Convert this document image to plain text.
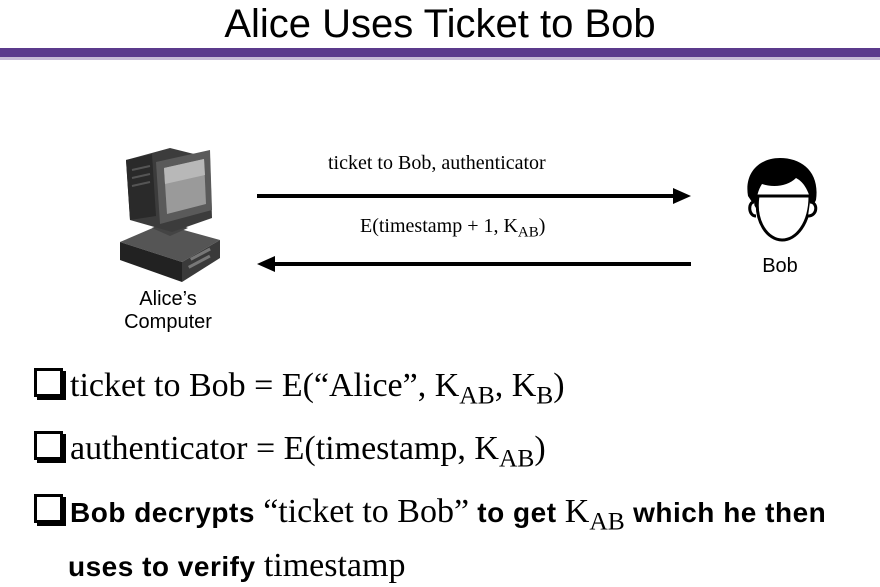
Alice Uses Ticket to Bob
Alice’s
Computer
ticket to Bob, authenticator
E(timestamp + 1, $K_{AB}$)
Bob
ticket to Bob = E(“Alice”, $K_{AB}$, $K_B$)
authenticator = E(timestamp, $K_{AB}$)
Bob decrypts “ticket to Bob” to get $K_{AB}$ which he then
uses to verify timestamp
